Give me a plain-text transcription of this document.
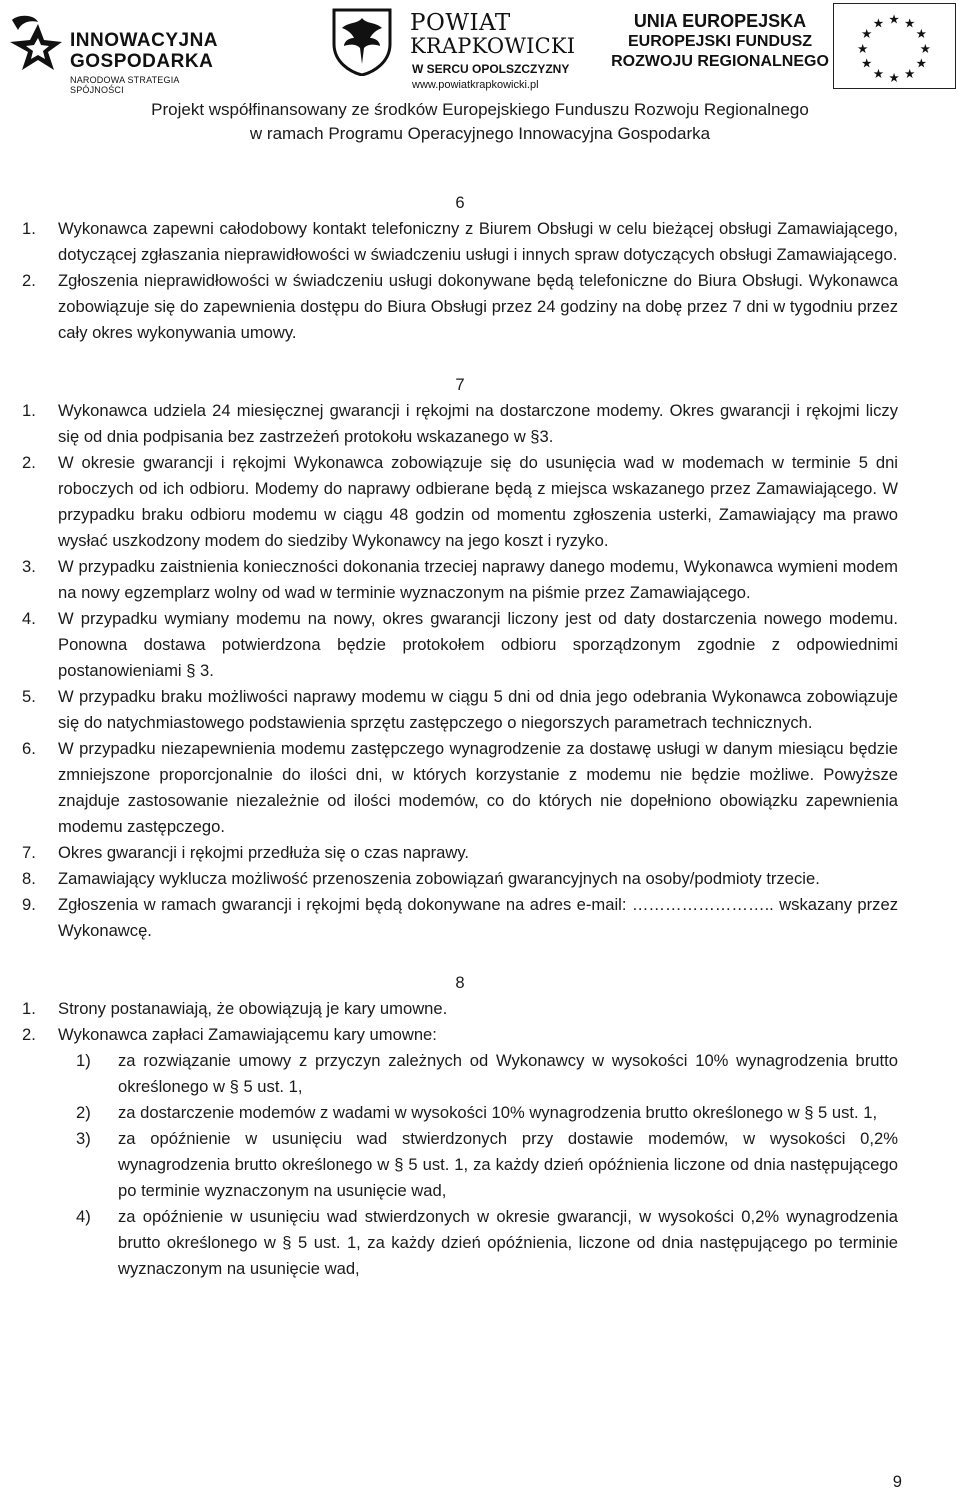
INNOWACYJNA
GOSPODARKA
NARODOWA STRATEGIA SPÓJNOŚCI
POWIAT
KRAPKOWICKI
W SERCU OPOLSZCZYZNY
www.powiatkrapkowicki.pl
UNIA EUROPEJSKA
EUROPEJSKI FUNDUSZ
ROZWOJU REGIONALNEGO
★ ★
★
★
★
★
★
★
★
★
★
★
Projekt współfinansowany ze środków Europejskiego Funduszu Rozwoju Regionalnego
w ramach Programu Operacyjnego Innowacyjna Gospodarka

6

1. Wykonawca zapewni całodobowy kontakt telefoniczny z Biurem Obsługi w celu bieżącej obsługi Zamawiającego, dotyczącej zgłaszania nieprawidłowości w świadczeniu usługi i innych spraw dotyczących obsługi Zamawiającego.
2. Zgłoszenia nieprawidłowości w świadczeniu usługi dokonywane będą telefoniczne do Biura Obsługi. Wykonawca zobowiązuje się do zapewnienia dostępu do Biura Obsługi przez 24 godziny na dobę przez 7 dni w tygodniu przez cały okres wykonywania umowy.

7

1. Wykonawca udziela 24 miesięcznej gwarancji i rękojmi na dostarczone modemy. Okres gwarancji i rękojmi liczy się od dnia podpisania bez zastrzeżeń protokołu wskazanego w §3.
2. W okresie gwarancji i rękojmi Wykonawca zobowiązuje się do usunięcia wad w modemach w terminie 5 dni roboczych od ich odbioru. Modemy do naprawy odbierane będą z miejsca wskazanego przez Zamawiającego. W przypadku braku odbioru modemu w ciągu 48 godzin od momentu zgłoszenia usterki, Zamawiający ma prawo wysłać uszkodzony modem do siedziby Wykonawcy na jego koszt i ryzyko.
3. W przypadku zaistnienia konieczności dokonania trzeciej naprawy danego modemu, Wykonawca wymieni modem na nowy egzemplarz wolny od wad w terminie wyznaczonym na piśmie przez Zamawiającego.
4. W przypadku wymiany modemu na nowy, okres gwarancji liczony jest od daty dostarczenia nowego modemu. Ponowna dostawa potwierdzona będzie protokołem odbioru sporządzonym zgodnie z odpowiednimi postanowieniami § 3.
5. W przypadku braku możliwości naprawy modemu w ciągu 5 dni od dnia jego odebrania Wykonawca zobowiązuje się do natychmiastowego podstawienia sprzętu zastępczego o niegorszych parametrach technicznych.
6. W przypadku niezapewnienia modemu zastępczego wynagrodzenie za dostawę usługi w danym miesiącu będzie zmniejszone proporcjonalnie do ilości dni, w których korzystanie z modemu nie będzie możliwe. Powyższe znajduje zastosowanie niezależnie od ilości modemów, co do których nie dopełniono obowiązku zapewnienia modemu zastępczego.
7. Okres gwarancji i rękojmi przedłuża się o czas naprawy.
8. Zamawiający wyklucza możliwość przenoszenia zobowiązań gwarancyjnych na osoby/podmioty trzecie.
9. Zgłoszenia w ramach gwarancji i rękojmi będą dokonywane na adres e-mail: …………………….. wskazany przez Wykonawcę.

8

1. Strony postanawiają, że obowiązują je kary umowne.
2. Wykonawca zapłaci Zamawiającemu kary umowne:
1) za rozwiązanie umowy z przyczyn zależnych od Wykonawcy w wysokości 10% wynagrodzenia brutto określonego w § 5 ust. 1,
2) za dostarczenie modemów z wadami w wysokości 10% wynagrodzenia brutto określonego w § 5 ust. 1,
3) za opóźnienie w usunięciu wad stwierdzonych przy dostawie modemów, w wysokości 0,2% wynagrodzenia brutto określonego w § 5 ust. 1, za każdy dzień opóźnienia liczone od dnia następującego po terminie wyznaczonym na usunięcie wad,
4) za opóźnienie w usunięciu wad stwierdzonych w okresie gwarancji, w wysokości 0,2% wynagrodzenia brutto określonego w § 5 ust. 1, za każdy dzień opóźnienia, liczone od dnia następującego po terminie wyznaczonym na usunięcie wad,
9
